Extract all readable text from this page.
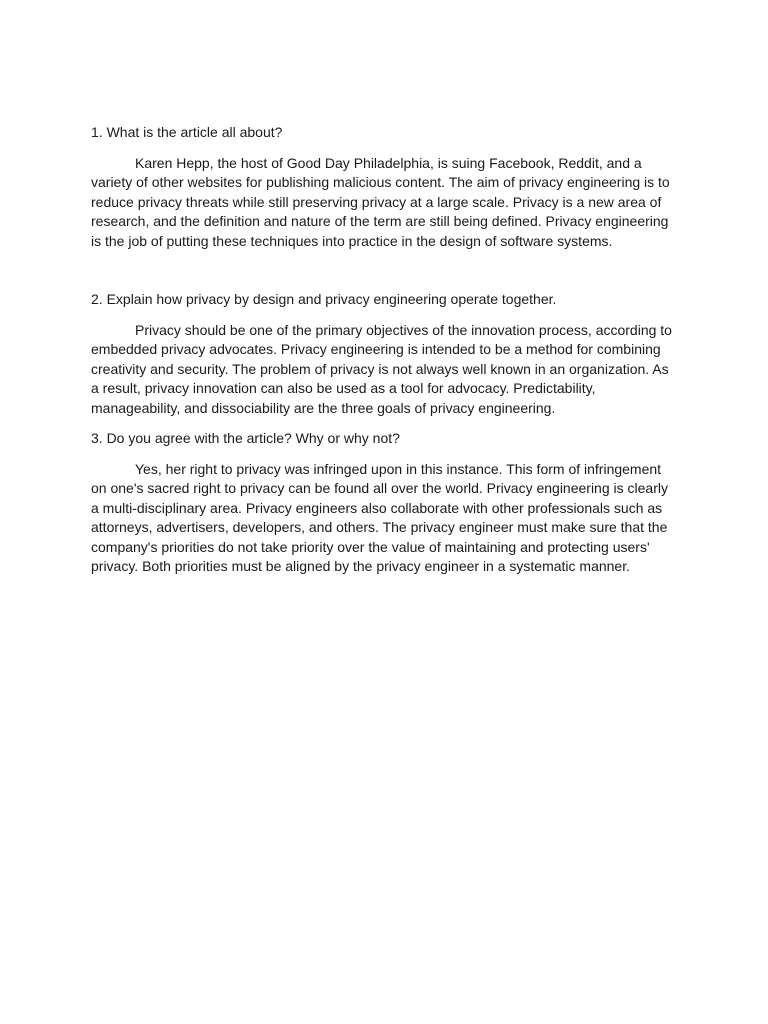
1. What is the article all about?

Karen Hepp, the host of Good Day Philadelphia, is suing Facebook, Reddit, and a variety of other websites for publishing malicious content. The aim of privacy engineering is to reduce privacy threats while still preserving privacy at a large scale. Privacy is a new area of research, and the definition and nature of the term are still being defined. Privacy engineering is the job of putting these techniques into practice in the design of software systems.

2. Explain how privacy by design and privacy engineering operate together.

Privacy should be one of the primary objectives of the innovation process, according to embedded privacy advocates. Privacy engineering is intended to be a method for combining creativity and security. The problem of privacy is not always well known in an organization. As a result, privacy innovation can also be used as a tool for advocacy. Predictability, manageability, and dissociability are the three goals of privacy engineering.

3. Do you agree with the article? Why or why not?

Yes, her right to privacy was infringed upon in this instance. This form of infringement on one's sacred right to privacy can be found all over the world. Privacy engineering is clearly a multi-disciplinary area. Privacy engineers also collaborate with other professionals such as attorneys, advertisers, developers, and others. The privacy engineer must make sure that the company's priorities do not take priority over the value of maintaining and protecting users' privacy. Both priorities must be aligned by the privacy engineer in a systematic manner.
